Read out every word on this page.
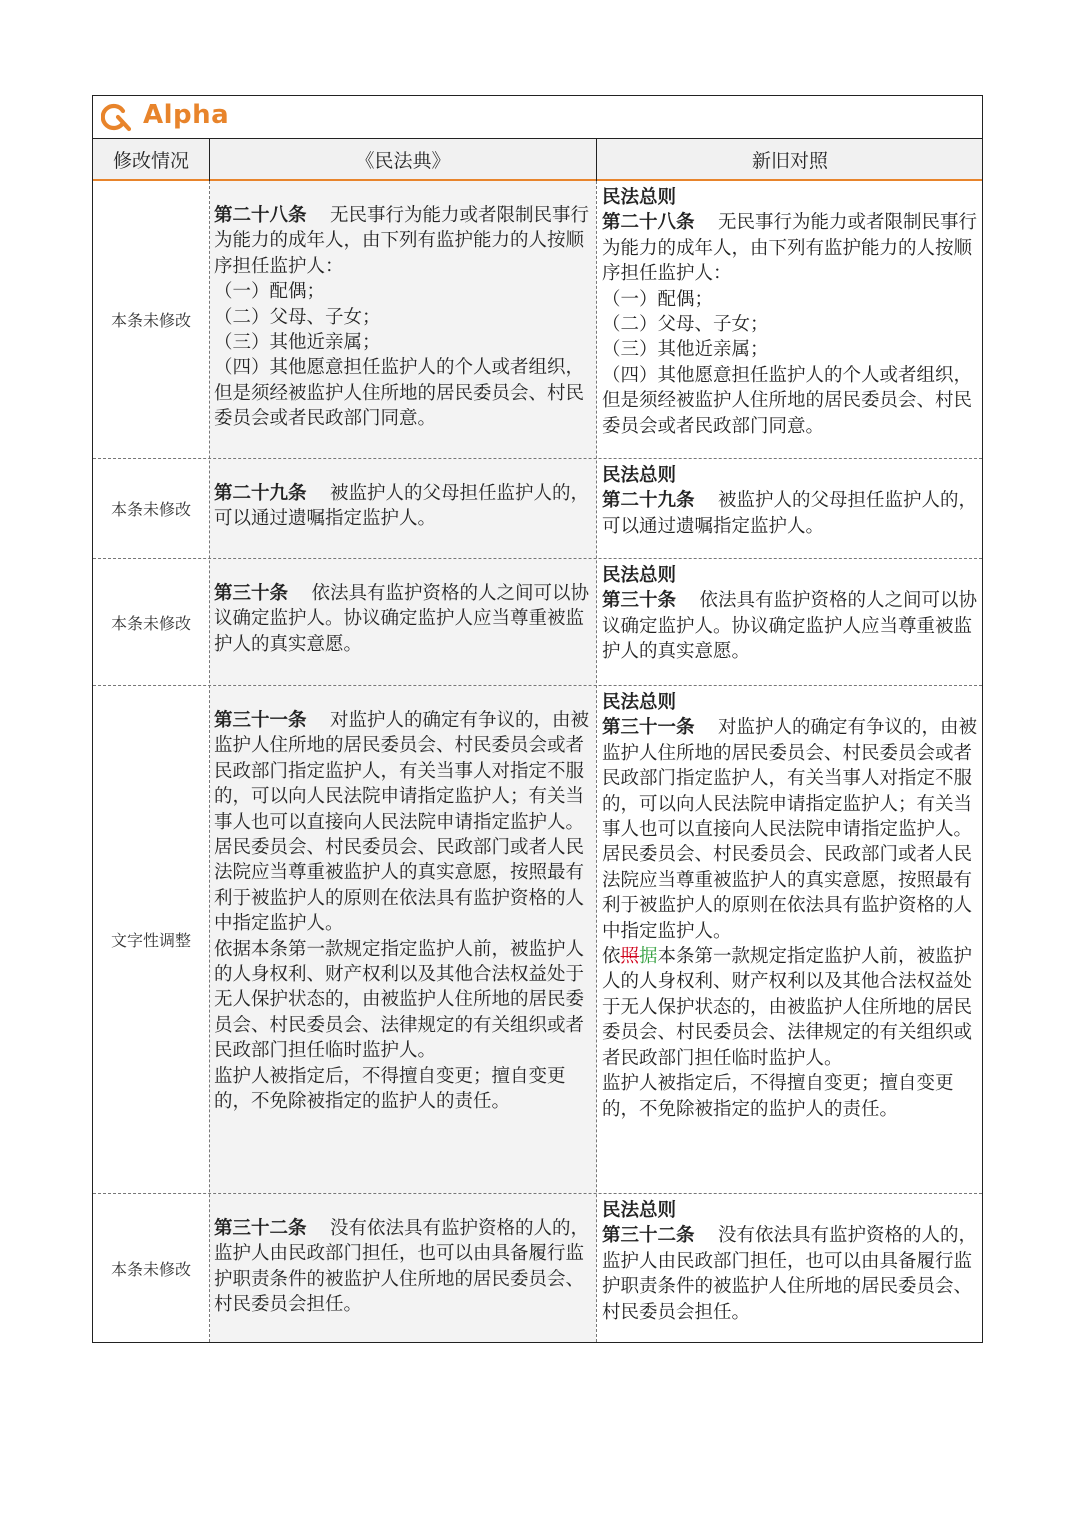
Alpha
修改情况	《民法典》	新旧对照
本条未修改

第二十八条 无民事行为能力或者限制民事行为能力的成年人，由下列有监护能力的人按顺序担任监护人：

（一）配偶；

（二）父母、子女；

（三）其他近亲属；

（四）其他愿意担任监护人的个人或者组织，但是须经被监护人住所地的居民委员会、村民委员会或者民政部门同意。

民法总则

第二十八条 无民事行为能力或者限制民事行为能力的成年人，由下列有监护能力的人按顺序担任监护人：

（一）配偶；

（二）父母、子女；

（三）其他近亲属；

（四）其他愿意担任监护人的个人或者组织，但是须经被监护人住所地的居民委员会、村民委员会或者民政部门同意。

本条未修改

第二十九条 被监护人的父母担任监护人的，可以通过遗嘱指定监护人。

民法总则

第二十九条 被监护人的父母担任监护人的，可以通过遗嘱指定监护人。

本条未修改

第三十条 依法具有监护资格的人之间可以协议确定监护人。协议确定监护人应当尊重被监护人的真实意愿。

民法总则

第三十条 依法具有监护资格的人之间可以协议确定监护人。协议确定监护人应当尊重被监护人的真实意愿。

文字性调整

第三十一条 对监护人的确定有争议的，由被监护人住所地的居民委员会、村民委员会或者民政部门指定监护人，有关当事人对指定不服的，可以向人民法院申请指定监护人；有关当事人也可以直接向人民法院申请指定监护人。

居民委员会、村民委员会、民政部门或者人民法院应当尊重被监护人的真实意愿，按照最有利于被监护人的原则在依法具有监护资格的人中指定监护人。

依据本条第一款规定指定监护人前，被监护人的人身权利、财产权利以及其他合法权益处于无人保护状态的，由被监护人住所地的居民委员会、村民委员会、法律规定的有关组织或者民政部门担任临时监护人。

监护人被指定后，不得擅自变更；擅自变更的，不免除被指定的监护人的责任。

民法总则

第三十一条 对监护人的确定有争议的，由被监护人住所地的居民委员会、村民委员会或者民政部门指定监护人，有关当事人对指定不服的，可以向人民法院申请指定监护人；有关当事人也可以直接向人民法院申请指定监护人。

居民委员会、村民委员会、民政部门或者人民法院应当尊重被监护人的真实意愿，按照最有利于被监护人的原则在依法具有监护资格的人中指定监护人。

依照据本条第一款规定指定监护人前，被监护人的人身权利、财产权利以及其他合法权益处于无人保护状态的，由被监护人住所地的居民委员会、村民委员会、法律规定的有关组织或者民政部门担任临时监护人。

监护人被指定后，不得擅自变更；擅自变更的，不免除被指定的监护人的责任。

本条未修改

第三十二条 没有依法具有监护资格的人的，监护人由民政部门担任，也可以由具备履行监护职责条件的被监护人住所地的居民委员会、村民委员会担任。

民法总则

第三十二条 没有依法具有监护资格的人的，监护人由民政部门担任，也可以由具备履行监护职责条件的被监护人住所地的居民委员会、村民委员会担任。
